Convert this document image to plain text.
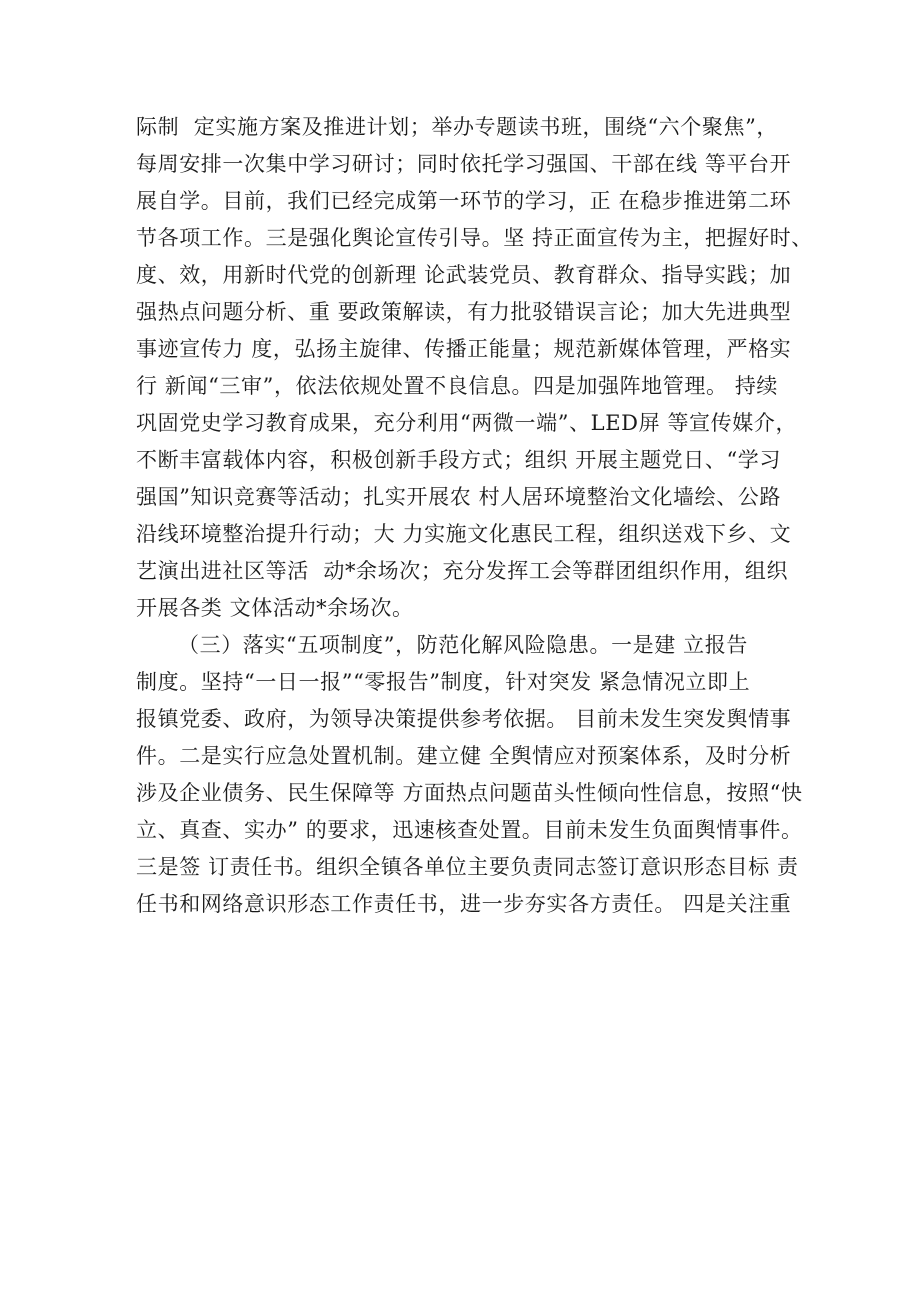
际制  定实施方案及推进计划；举办专题读书班，围绕“六个聚焦”，
每周安排一次集中学习研讨；同时依托学习强国、干部在线 等平台开
展自学。目前，我们已经完成第一环节的学习，正 在稳步推进第二环
节各项工作。三是强化舆论宣传引导。坚 持正面宣传为主，把握好时、
度、效，用新时代党的创新理 论武装党员、教育群众、指导实践；加
强热点问题分析、重 要政策解读，有力批驳错误言论；加大先进典型
事迹宣传力 度，弘扬主旋律、传播正能量；规范新媒体管理，严格实
行 新闻“三审”，依法依规处置不良信息。四是加强阵地管理。 持续
巩固党史学习教育成果，充分利用“两微一端”、LED屏 等宣传媒介，
不断丰富载体内容，积极创新手段方式；组织 开展主题党日、“学习
强国”知识竞赛等活动；扎实开展农 村人居环境整治文化墙绘、公路
沿线环境整治提升行动；大 力实施文化惠民工程，组织送戏下乡、文
艺演出进社区等活  动*余场次；充分发挥工会等群团组织作用，组织
开展各类 文体活动*余场次。
（三）落实“五项制度”，防范化解风险隐患。一是建 立报告
制度。坚持“一日一报”“零报告”制度，针对突发 紧急情况立即上
报镇党委、政府，为领导决策提供参考依据。 目前未发生突发舆情事
件。二是实行应急处置机制。建立健 全舆情应对预案体系，及时分析
涉及企业债务、民生保障等 方面热点问题苗头性倾向性信息，按照“快
立、真查、实办” 的要求，迅速核查处置。目前未发生负面舆情事件。
三是签 订责任书。组织全镇各单位主要负责同志签订意识形态目标 责
任书和网络意识形态工作责任书，进一步夯实各方责任。 四是关注重
